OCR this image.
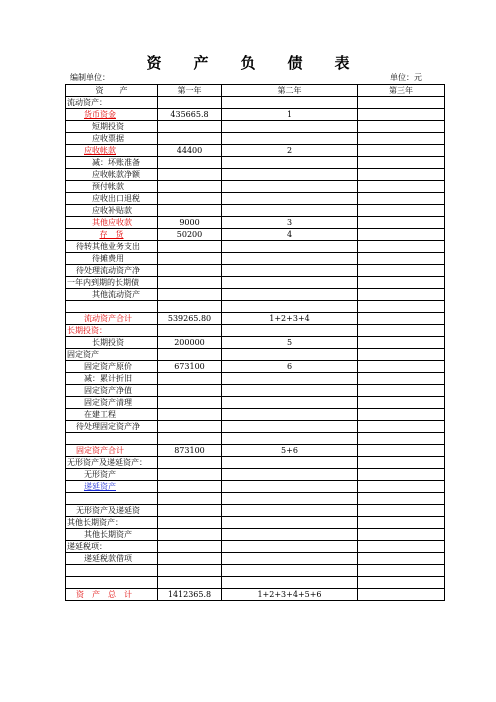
资 产 负 债 表
编制单位：	单位：元
资　　产	第一年	第二年	第三年
流动资产：			
货币资金	435665.8	1	
短期投资			
应收票据			
应收帐款	44400	2	
减：坏账准备			
应收帐款净额			
预付帐款			
应收出口退税			
应收补贴款			
其他应收款	9000	3	
存　货	50200	4	
待转其他业务支出			
待摊费用			
待处理流动资产净			
一年内到期的长期债			
其他流动资产			

流动资产合计	539265.80	1+2+3+4	
长期投资：			
长期投资	200000	5	
固定资产			
固定资产原价	673100	6	
减：累计折旧			
固定资产净值			
固定资产清理			
在建工程			
待处理固定资产净			

固定资产合计	873100	5+6	
无形资产及递延资产：			
无形资产			
递延资产			

无形资产及递延资			
其他长期资产：			
其他长期资产			
递延税项：			
递延税款借项			

资　产　总　计	1412365.8	1+2+3+4+5+6	
